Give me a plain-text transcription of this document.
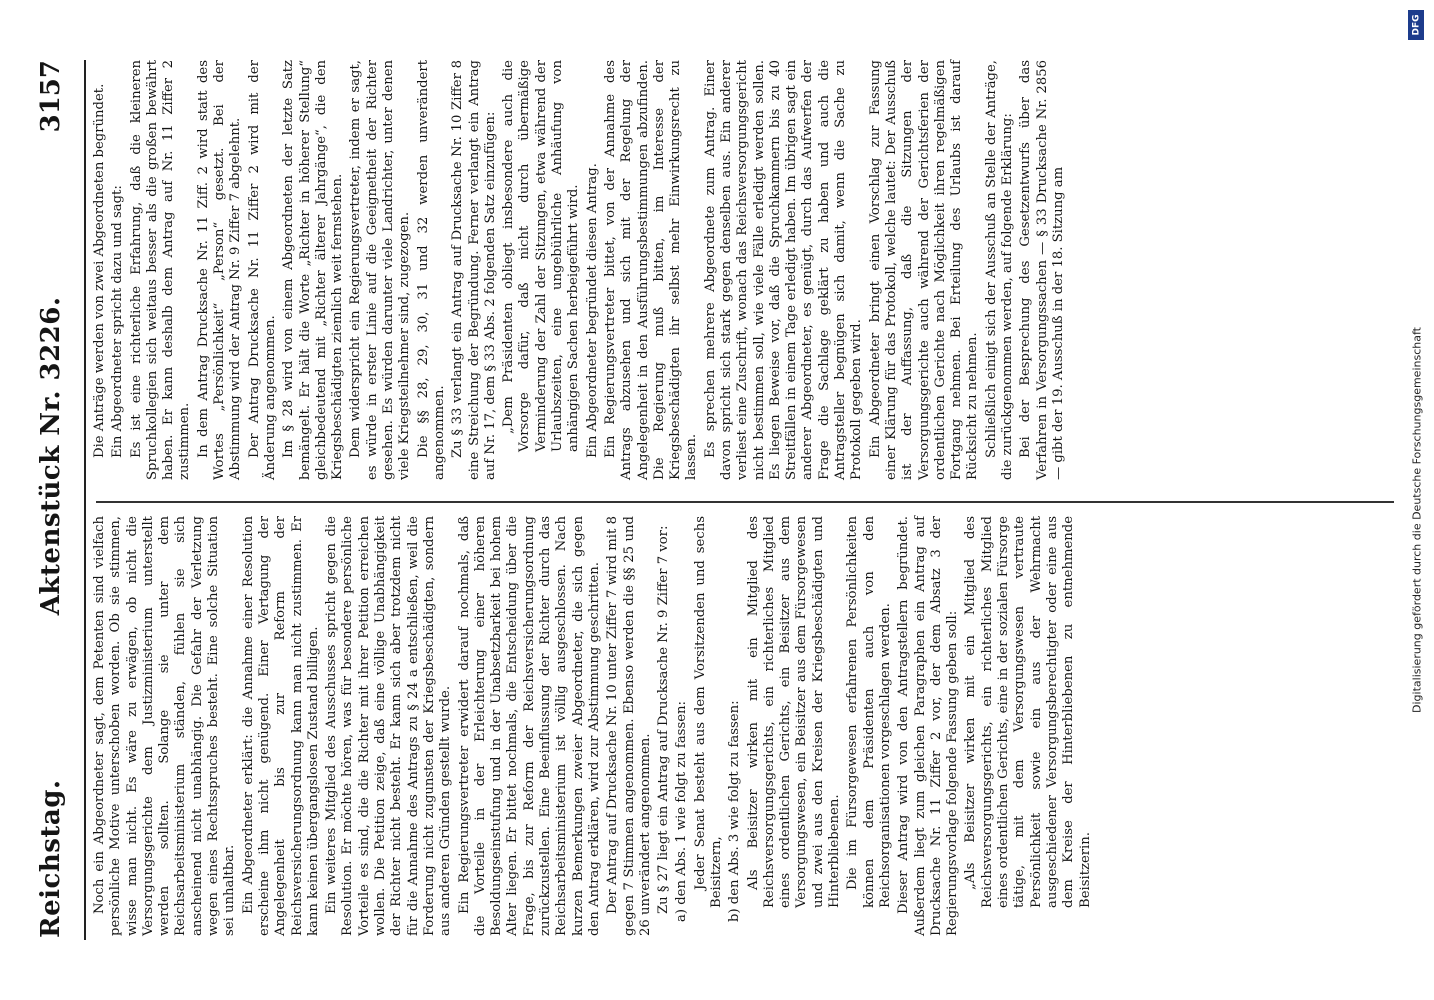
Reichstag.
Aktenstück Nr. 3226.
3157

Noch ein Abgeordneter sagt, dem Petenten sind vielfach persönliche Motive unterschoben worden. Ob sie stimmen, wisse man nicht. Es wäre zu erwägen, ob nicht die Versorgungsgerichte dem Justizministerium unterstellt werden sollten. Solange sie unter dem Reichsarbeitsministerium ständen, fühlen sie sich anscheinend nicht unabhängig. Die Gefahr der Verletzung wegen eines Rechtsspruches besteht. Eine solche Situation sei unhaltbar. Ein Abgeordneter erklärt: die Annahme einer Resolution erscheine ihm nicht genügend. Einer Vertagung der Angelegenheit bis zur Reform der Reichsversicherungsordnung kann man nicht zustimmen. Er kann keinen übergangslosen Zustand billigen. Ein weiteres Mitglied des Ausschusses spricht gegen die Resolution. Er möchte hören, was für besondere persönliche Vorteile es sind, die die Richter mit ihrer Petition erreichen wollen. Die Petition zeige, daß eine völlige Unabhängigkeit der Richter nicht besteht. Er kann sich aber trotzdem nicht für die Annahme des Antrags zu § 24 a entschließen, weil die Forderung nicht zugunsten der Kriegsbeschädigten, sondern aus anderen Gründen gestellt wurde. Ein Regierungsvertreter erwidert darauf nochmals, daß die Vorteile in der Erleichterung einer höheren Besoldungseinstufung und in der Unabsetzbarkeit bei hohem Alter liegen. Er bittet nochmals, die Entscheidung über die Frage, bis zur Reform der Reichsversicherungsordnung zurückzustellen. Eine Beeinflussung der Richter durch das Reichsarbeitsministerium ist völlig ausgeschlossen. Nach kurzen Bemerkungen zweier Abgeordneter, die sich gegen den Antrag erklären, wird zur Abstimmung geschritten. Der Antrag auf Drucksache Nr. 10 unter Ziffer 7 wird mit 8 gegen 7 Stimmen angenommen. Ebenso werden die §§ 25 und 26 unverändert angenommen. Zu § 27 liegt ein Antrag auf Drucksache Nr. 9 Ziffer 7 vor: a) den Abs. 1 wie folgt zu fassen: Jeder Senat besteht aus dem Vorsitzenden und sechs Beisitzern, b) den Abs. 3 wie folgt zu fassen: Als Beisitzer wirken mit ein Mitglied des Reichsversorgungsgerichts, ein richterliches Mitglied eines ordentlichen Gerichts, ein Beisitzer aus dem Versorgungswesen, ein Beisitzer aus dem Fürsorgewesen und zwei aus den Kreisen der Kriegsbeschädigten und Hinterbliebenen. Die im Fürsorgewesen erfahrenen Persönlichkeiten können dem Präsidenten auch von den Reichsorganisationen vorgeschlagen werden. Dieser Antrag wird von den Antragstellern begründet. Außerdem liegt zum gleichen Paragraphen ein Antrag auf Drucksache Nr. 11 Ziffer 2 vor, der dem Absatz 3 der Regierungsvorlage folgende Fassung geben soll: „Als Beisitzer wirken mit ein Mitglied des Reichsversorgungsgerichts, ein richterliches Mitglied eines ordentlichen Gerichts, eine in der sozialen Fürsorge tätige, mit dem Versorgungswesen vertraute Persönlichkeit sowie ein aus der Wehrmacht ausgeschiedener Versorgungsberechtigter oder eine aus dem Kreise der Hinterbliebenen zu entnehmende Beisitzerin.

Die Anträge werden von zwei Abgeordneten begründet. Ein Abgeordneter spricht dazu und sagt: Es ist eine richterliche Erfahrung, daß die kleineren Spruchkollegien sich weitaus besser als die großen bewährt haben. Er kann deshalb dem Antrag auf Nr. 11 Ziffer 2 zustimmen. In dem Antrag Drucksache Nr. 11 Ziff. 2 wird statt des Wortes „Persönlichkeit“ „Person“ gesetzt. Bei der Abstimmung wird der Antrag Nr. 9 Ziffer 7 abgelehnt. Der Antrag Drucksache Nr. 11 Ziffer 2 wird mit der Änderung angenommen. Im § 28 wird von einem Abgeordneten der letzte Satz bemängelt. Er hält die Worte „Richter in höherer Stellung“ gleichbedeutend mit „Richter älterer Jahrgänge“, die den Kriegsbeschädigten ziemlich weit fernstehen. Dem widerspricht ein Regierungsvertreter, indem er sagt, es würde in erster Linie auf die Geeignetheit der Richter gesehen. Es würden darunter viele Landrichter, unter denen viele Kriegsteilnehmer sind, zugezogen. Die §§ 28, 29, 30, 31 und 32 werden unverändert angenommen. Zu § 33 verlangt ein Antrag auf Drucksache Nr. 10 Ziffer 8 eine Streichung der Begründung. Ferner verlangt ein Antrag auf Nr. 17, dem § 33 Abs. 2 folgenden Satz einzufügen: „Dem Präsidenten obliegt insbesondere auch die Vorsorge dafür, daß nicht durch übermäßige Verminderung der Zahl der Sitzungen, etwa während der Urlaubszeiten, eine ungebührliche Anhäufung von anhängigen Sachen herbeigeführt wird. Ein Abgeordneter begründet diesen Antrag. Ein Regierungsvertreter bittet, von der Annahme des Antrags abzusehen und sich mit der Regelung der Angelegenheit in den Ausführungsbestimmungen abzufinden. Die Regierung muß bitten, im Interesse der Kriegsbeschädigten ihr selbst mehr Einwirkungsrecht zu lassen. Es sprechen mehrere Abgeordnete zum Antrag. Einer davon spricht sich stark gegen denselben aus. Ein anderer verliest eine Zuschrift, wonach das Reichsversorgungsgericht nicht bestimmen soll, wie viele Fälle erledigt werden sollen. Es liegen Beweise vor, daß die Spruchkammern bis zu 40 Streitfällen in einem Tage erledigt haben. Im übrigen sagt ein anderer Abgeordneter, es genügt, durch das Aufwerfen der Frage die Sachlage geklärt zu haben und auch die Antragsteller begnügen sich damit, wenn die Sache zu Protokoll gegeben wird. Ein Abgeordneter bringt einen Vorschlag zur Fassung einer Klärung für das Protokoll, welche lautet: Der Ausschuß ist der Auffassung, daß die Sitzungen der Versorgungsgerichte auch während der Gerichtsferien der ordentlichen Gerichte nach Möglichkeit ihren regelmäßigen Fortgang nehmen. Bei Erteilung des Urlaubs ist darauf Rücksicht zu nehmen. Schließlich einigt sich der Ausschuß an Stelle der Anträge, die zurückgenommen werden, auf folgende Erklärung: Bei der Besprechung des Gesetzentwurfs über das Verfahren in Versorgungssachen — § 33 Drucksache Nr. 2856 — gibt der 19. Ausschuß in der 18. Sitzung am

DFG
Digitalisierung gefördert durch die Deutsche Forschungsgemeinschaft
